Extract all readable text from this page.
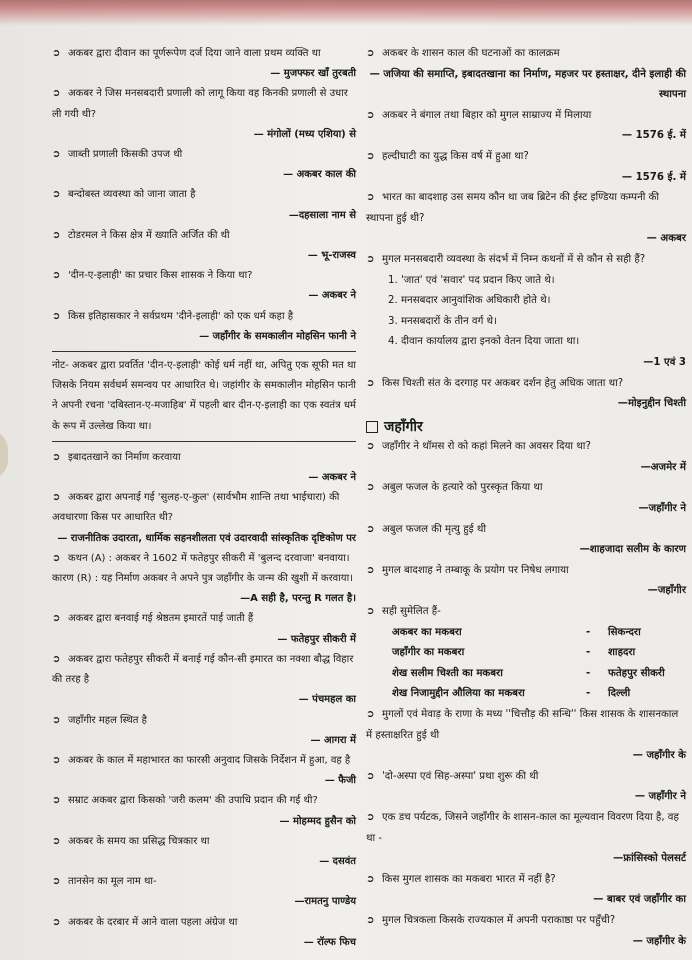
➲ अकबर द्वारा दीवान का पूर्णरूपेण दर्ज दिया जाने वाला प्रथम व्यक्ति था
— मुजफ्फर खाँ तुरबती
➲ अकबर ने जिस मनसबदारी प्रणाली को लागू किया वह किनकी प्रणाली से उधार ली गयी थी?
— मंगोलों (मध्य एशिया) से
➲ जाब्ती प्रणाली किसकी उपज थी
— अकबर काल की
➲ बन्दोबस्त व्यवस्था को जाना जाता है
—दहसाला नाम से
➲ टोडरमल ने किस क्षेत्र में ख्याति अर्जित की थी
— भू-राजस्व
➲ 'दीन-ए-इलाही' का प्रचार किस शासक ने किया था?
— अकबर ने
➲ किस इतिहासकार ने सर्वप्रथम 'दीने-इलाही' को एक धर्म कहा है
— जहाँगीर के समकालीन मोहसिन फानी ने
नोट- अकबर द्वारा प्रवर्तित 'दीन-ए-इलाही' कोई धर्म नहीं था, अपितु एक सूफी मत था जिसके नियम सर्वधर्म समन्वय पर आधारित थे। जहांगीर के समकालीन मोहसिन फानी ने अपनी रचना 'दबिस्तान-ए-मजाहिब' में पहली बार दीन-ए-इलाही का एक स्वतंत्र धर्म के रूप में उल्लेख किया था।
➲ इबादतखाने का निर्माण करवाया
— अकबर ने
➲ अकबर द्वारा अपनाई गई 'सुलह-ए-कुल' (सार्वभौम शान्ति तथा भाईचारा) की अवधारणा किस पर आधारित थी?
— राजनीतिक उदारता, धार्मिक सहनशीलता एवं उदारवादी सांस्कृतिक दृष्टिकोण पर
➲ कथन (A) : अकबर ने 1602 में फतेहपुर सीकरी में 'बुलन्द दरवाजा' बनवाया।
कारण (R) : यह निर्माण अकबर ने अपने पुत्र जहाँगीर के जन्म की खुशी में करवाया।
—A सही है, परन्तु R गलत है।
➲ अकबर द्वारा बनवाई गई श्रेष्ठतम इमारतें पाई जाती हैं
— फतेहपुर सीकरी में
➲ अकबर द्वारा फतेहपुर सीकरी में बनाई गई कौन-सी इमारत का नक्शा बौद्ध विहार की तरह है
— पंचमहल का
➲ जहाँगीर महल स्थित है
— आगरा में
➲ अकबर के काल में महाभारत का फारसी अनुवाद जिसके निर्देशन में हुआ, वह है
— फैजी
➲ सम्राट अकबर द्वारा किसको 'जरी कलम' की उपाधि प्रदान की गई थी?
— मोहम्मद हुसैन को
➲ अकबर के समय का प्रसिद्ध चित्रकार था
— दसवंत
➲ तानसेन का मूल नाम था-
—रामतनु पाण्डेय
➲ अकबर के दरबार में आने वाला पहला अंग्रेज था
— रॉल्फ फिच
➲ अकबर के शासन काल की घटनाओं का कालक्रम
— जजिया की समाप्ति, इबादतखाना का निर्माण, महजर पर हस्ताक्षर, दीने इलाही की स्थापना
➲ अकबर ने बंगाल तथा बिहार को मुगल साम्राज्य में मिलाया
— 1576 ई. में
➲ हल्दीघाटी का युद्ध किस वर्ष में हुआ था?
— 1576 ई. में
➲ भारत का बादशाह उस समय कौन था जब ब्रिटेन की ईस्ट इण्डिया कम्पनी की स्थापना हुई थी?
— अकबर
➲ मुगल मनसबदारी व्यवस्था के संदर्भ में निम्न कथनों में से कौन से सही हैं?
1. 'जात' एवं 'सवार' पद प्रदान किए जाते थे।
2. मनसबदार आनुवांशिक अधिकारी होते थे।
3. मनसबदारों के तीन वर्ग थे।
4. दीवान कार्यालय द्वारा इनको वेतन दिया जाता था।
—1 एवं 3
➲ किस चिश्ती संत के दरगाह पर अकबर दर्शन हेतु अधिक जाता था?
—मोइनुद्दीन चिश्ती
जहाँगीर
➲ जहाँगीर ने थॉमस रो को कहां मिलने का अवसर दिया था?
—अजमेर में
➲ अबुल फजल के हत्यारे को पुरस्कृत किया था
—जहाँगीर ने
➲ अबुल फजल की मृत्यु हुई थी
—शाहजादा सलीम के कारण
➲ मुगल बादशाह ने तम्बाकू के प्रयोग पर निषेध लगाया
—जहाँगीर
➲ सही सुमेलित हैं-
अकबर का मकबरा	-	सिकन्दरा
जहाँगीर का मकबरा	-	शाहदरा
शेख सलीम चिश्ती का मकबरा	-	फतेहपुर सीकरी
शेख निजामुद्दीन औलिया का मकबरा	-	दिल्ली
➲ मुगलों एवं मेवाड़ के राणा के मध्य ''चित्तौड़ की सन्धि'' किस शासक के शासनकाल में हस्ताक्षरित हुई थी
— जहाँगीर के
➲ 'दो-अस्पा एवं सिह-अस्पा' प्रथा शुरू की थी
— जहाँगीर ने
➲ एक डच पर्यटक, जिसने जहाँगीर के शासन-काल का मूल्यवान विवरण दिया है, वह था -
—फ्रांसिस्को पेलसर्ट
➲ किस मुगल शासक का मकबरा भारत में नहीं है?
— बाबर एवं जहाँगीर का
➲ मुगल चित्रकला किसके राज्यकाल में अपनी पराकाष्ठा पर पहुँची?
— जहाँगीर के
